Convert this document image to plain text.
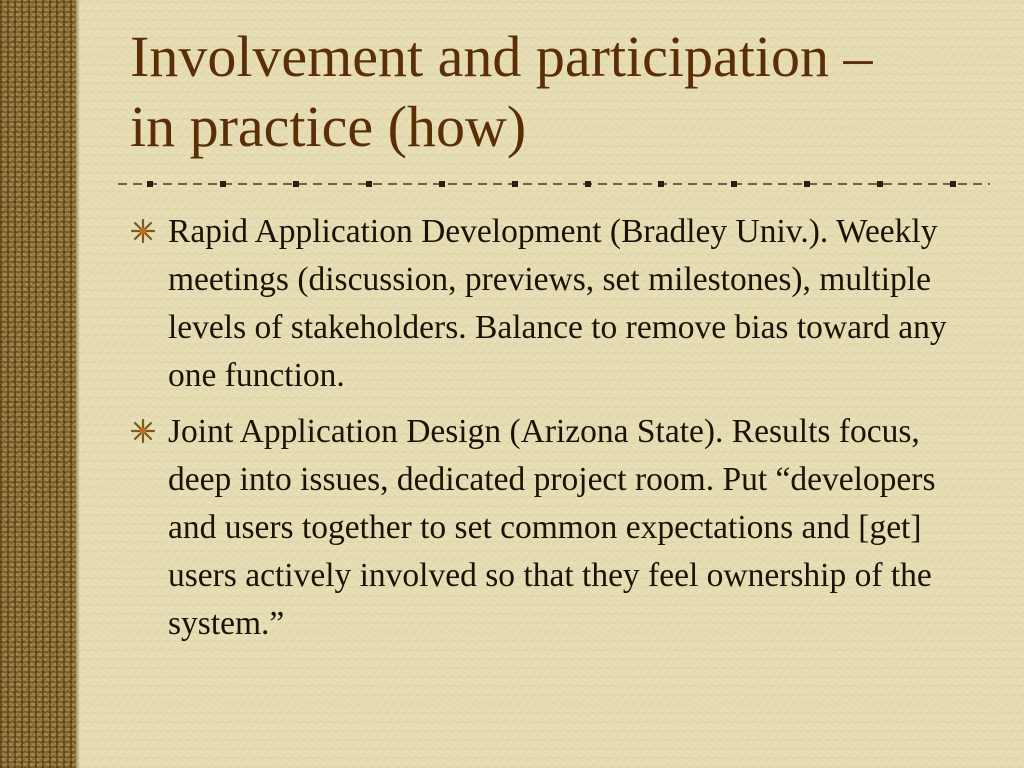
Involvement and participation –
in practice (how)
Rapid Application Development (Bradley Univ.). Weekly meetings (discussion, previews, set milestones), multiple levels of stakeholders. Balance to remove bias toward any one function.
Joint Application Design (Arizona State). Results focus, deep into issues, dedicated project room. Put “developers and users together to set common expectations and [get] users actively involved so that they feel ownership of the system.”
